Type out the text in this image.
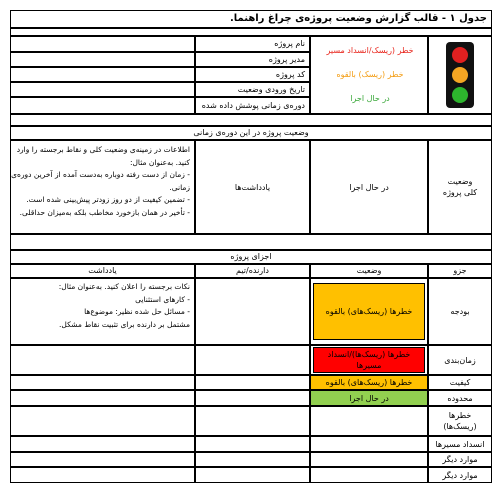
جدول ۱ - قالب گزارش وضعیت پروژه‌ی چراغ راهنما.
خطر (ریسک/انسداد مسیر
خطر (ریسک) بالقوه
در حال اجرا
نام پروژه
مدیر پروژه
کد پروژه
تاریخ ورودی وضعیت
دوره‌ی زمانی پوشش داده شده
وضعیت پروژه در این دوره‌ی زمانی
وضعیت کلی پروژه
در حال اجرا
یادداشت‌ها
اطلاعات در زمینه‌ی وضعیت کلی و نقاط برجسته را وارد کنید. به‌عنوان مثال:
- زمان از دست رفته دوباره به‌دست آمده از آخرین دوره‌ی زمانی.
- تضمین کیفیت از دو روز زودتر پیش‌بینی شده است.
- تأخیر در همان بازخورد مخاطب بلکه به‌میزان حداقلی.
اجزای پروژه
جزو
وضعیت
دارنده/تیم
یادداشت
بودجه
خطرها (ریسک‌های) بالقوه
نکات برجسته را اعلان کنید. به‌عنوان مثال:
- کارهای استثنایی
- مسائل حل شده نظیر: موضوع‌ها
مشتمل بر دارنده برای تثبیت نقاط مشکل.
زمان‌بندی
خطرها (ریسک‌ها)/انسداد مسیرها
کیفیت
خطرها (ریسک‌های) بالقوه
محدوده
در حال اجرا
خطرها (ریسک‌ها)
انسداد مسیرها
موارد دیگر
موارد دیگر
